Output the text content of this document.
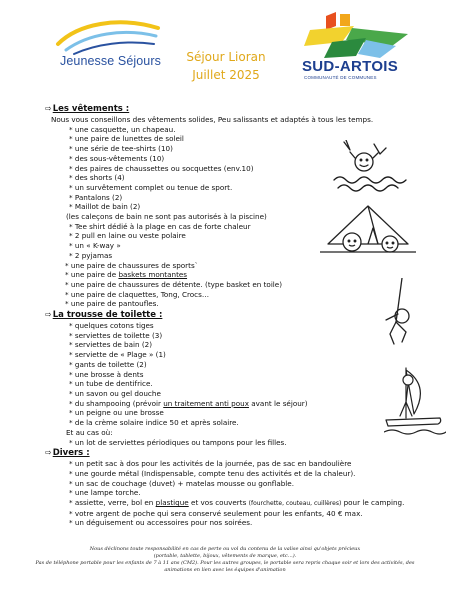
Jeunesse Séjours	Séjour Lioran
Juillet 2025	SUD-ARTOIS
COMMUNAUTÉ DE COMMUNES
⇨Les vêtements :
Nous vous conseillons des vêtements solides, Peu salissants et adaptés à tous les temps.
* une casquette, un chapeau.
* une paire de lunettes de soleil
* une série de tee-shirts (10)
* des sous-vêtements (10)
* des paires de chaussettes ou socquettes (env.10)
* des shorts (4)
* un survêtement complet ou tenue de sport.
* Pantalons (2)
* Maillot de bain (2)
(les caleçons de bain ne sont pas autorisés à la piscine)
* Tee shirt dédié à la plage en cas de forte chaleur
* 2 pull en laine ou veste polaire
* un « K-way »
* 2 pyjamas
* une paire de chaussures de sports`
* une paire de baskets montantes
* une paire de chaussures de détente. (type basket en toile)
* une paire de claquettes, Tong, Crocs…
* une paire de pantoufles.
⇨La trousse de toilette :
* quelques cotons tiges
* serviettes de toilette (3)
* serviettes de bain (2)
* serviette de « Plage » (1)
* gants de toilette (2)
* une brosse à dents
* un tube de dentifrice.
* un savon ou gel douche
* du shampooing (prévoir un traitement anti poux avant le séjour)
* un peigne ou une brosse
* de la crème solaire indice 50 et après solaire.
Et au cas où:
* un lot de serviettes périodiques ou tampons pour les filles.
⇨Divers :
* un petit sac à dos pour les activités de la journée, pas de sac en bandoulière
* une gourde métal (Indispensable, compte tenu des activités et de la chaleur).
* un sac de couchage (duvet) + matelas mousse ou gonflable.
* une lampe torche.
* assiette, verre, bol en plastique et vos couverts (fourchette, couteau, cuillères) pour le camping.
* votre argent de poche qui sera conservé seulement pour les enfants, 40 € max.
* un déguisement ou accessoires pour nos soirées.
Nous déclinons toute responsabilité en cas de perte ou vol du contenu de la valise ainsi qu'objets précieux
(portable, tablette, bijoux, vêtements de marque, etc…).
Pas de téléphone portable pour les enfants de 7 à 11 ans (CM2). Pour les autres groupes, le portable sera repris chaque soir et lors des activités, des
animations en lien avec les équipes d'animation
